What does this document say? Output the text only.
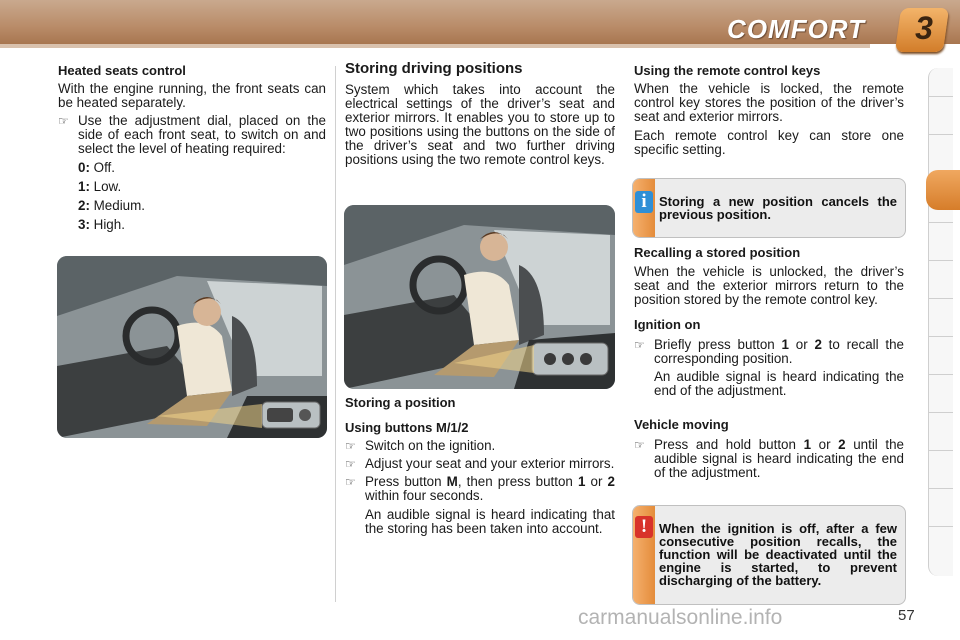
COMFORT 3

Heated seats control

With the engine running, the front seats can be heated separately.

☞ Use the adjustment dial, placed on the side of each front seat, to switch on and select the level of heating required:
0: Off.
1: Low.
2: Medium.
3: High.

Storing driving positions

System which takes into account the electrical settings of the driver’s seat and exterior mirrors. It enables you to store up to two positions using the buttons on the side of the driver’s seat and two further driving positions using the two remote control keys.

Storing a position

Using buttons M/1/2

☞ Switch on the ignition.
☞ Adjust your seat and your exterior mirrors.
☞ Press button M, then press button 1 or 2 within four seconds.

An audible signal is heard indicating that the storing has been taken into account.

Using the remote control keys

When the vehicle is locked, the remote control key stores the position of the driver’s seat and exterior mirrors.

Each remote control key can store one specific setting.

i Storing a new position cancels the previous position.

Recalling a stored position

When the vehicle is unlocked, the driver’s seat and the exterior mirrors return to the position stored by the remote control key.

Ignition on

☞ Briefly press button 1 or 2 to recall the corresponding position.

An audible signal is heard indicating the end of the adjustment.

Vehicle moving

☞ Press and hold button 1 or 2 until the audible signal is heard indicating the end of the adjustment.
! When the ignition is off, after a few consecutive position recalls, the function will be deactivated until the engine is started, to prevent discharging of the battery.
carmanualsonline.info	57
